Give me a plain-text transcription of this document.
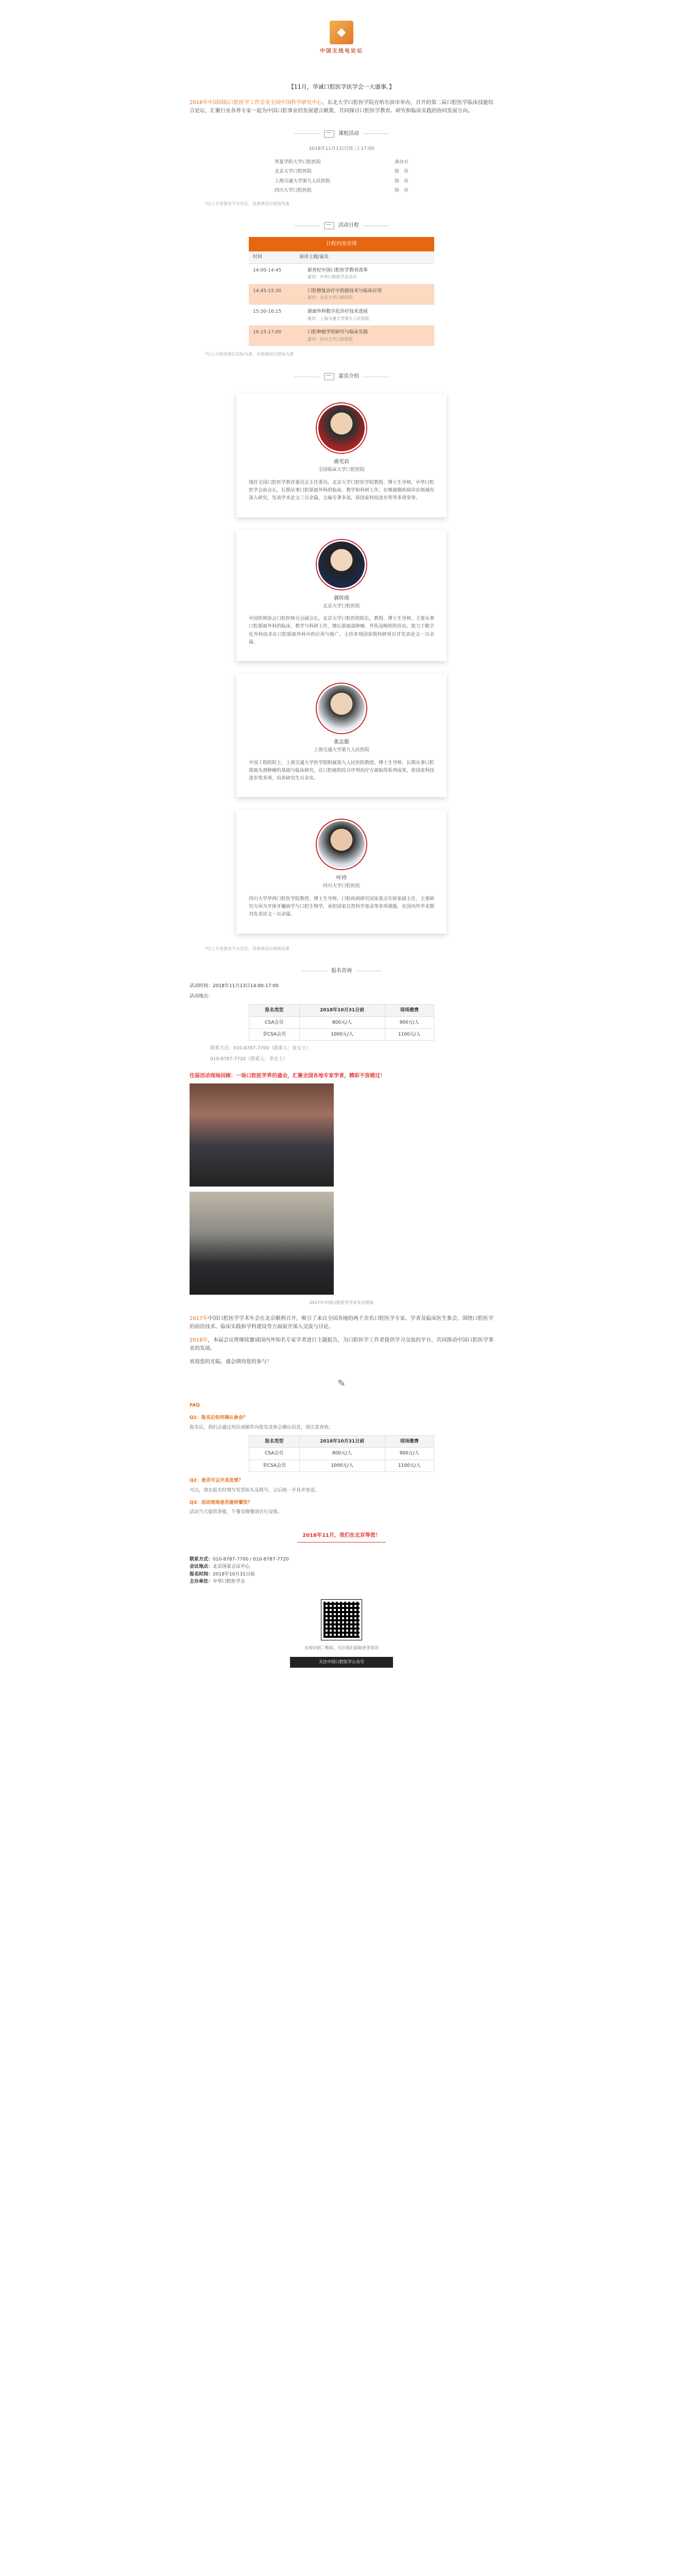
◆
中国无线电论坛
【11月，华诚口腔医学医学会一大盛事。】

2018年中国国际口腔医学工作会及全国中国科学研究中心，东北大学口腔医学院在哈尔滨市举办，召开的第二届口腔医学临床技能综合论坛，汇聚行业各界专家一起为中国口腔事业的发展建言献策，共同探讨口腔医学教育、研究和临床实践的协同发展方向。

课程活动
2018年11月13日(周二) 17:00
华夏学院大学口腔医院	承办方
北京大学口腔医院	协　办
上海交通大学第九人民医院	协　办
四川大学口腔医院	协　办
*以上专家排名不分先后，具体情况以现场为准
活动日程
日程内容安排
时间	演讲主题/嘉宾
14:00-14:45	新世纪中国口腔医学教育改革
嘉宾：中华口腔医学会会长
14:45-15:30	口腔修复治疗中的新技术与临床应用
嘉宾：北京大学口腔医院
15:30-16:15	颌面外科数字化诊疗技术进展
嘉宾：上海交通大学第九人民医院
16:15-17:00	口腔种植学的研究与临床实践
嘉宾：四川大学口腔医院
*以上日程安排以实际为准，具体情况以现场为准
嘉宾介绍
俞光岩
全国临床大学口腔医院
现任全国口腔医学教育委员会主任委员，北京大学口腔医学院教授、博士生导师，中华口腔医学会前会长，长期从事口腔颌面外科的临床、教学和科研工作，在唾液腺疾病诊治领域有深入研究，发表学术论文三百余篇，主编专著多部，获国家科技进步奖等多项荣誉。
郭传瑸
北京大学口腔医院
中国医师协会口腔医师分会副会长，北京大学口腔医院院长，教授、博士生导师。主要从事口腔颌面外科的临床、教学与科研工作，擅长颌面部肿瘤、外伤及畸形的诊治，致力于数字化外科技术在口腔颌面外科中的应用与推广，主持多项国家级科研项目并发表论文一百余篇。
张志愿
上海交通大学第九人民医院
中国工程院院士，上海交通大学医学院附属第九人民医院教授、博士生导师，长期从事口腔颌面头颈肿瘤的基础与临床研究，在口腔癌的综合序列治疗方面取得系列成果，获国家科技进步奖多项，培养研究生百余名。
叶玲
四川大学口腔医院
四川大学华西口腔医学院教授、博士生导师，口腔疾病研究国家重点实验室副主任，主要研究方向为牙体牙髓病学与口腔生物学，承担国家自然科学基金等多项课题，在国内外学术期刊发表论文一百余篇。
*以上专家排名不分先后，具体情况以现场为准
报名咨询
活动时间：2018年11月13日14:00-17:00
活动地点：
报名类型	2018年10月31日前	现场缴费
CSA会员	800元/人	900元/人
非CSA会员	1000元/人	1100元/人
联系方式：010-8787-7700（联系人：张女士）
010-8787-7720（联系人：李女士）
往届活动现场回顾：一场口腔医学界的盛会，汇聚全国各地专家学者，精彩不容错过！
2017年中国口腔医学学术年会现场

2017年中国口腔医学学术年会在北京顺利召开，吸引了来自全国各地的两千余名口腔医学专家、学者及临床医生参会，围绕口腔医学的前沿技术、临床实践和学科建设等方面展开深入交流与讨论。

2018年，本届会议将继续邀请国内外知名专家学者进行主题报告，为口腔医学工作者提供学习交流的平台，共同推动中国口腔医学事业的发展。

欢迎您的光临，盛会期待您的参与！

✎
FAQ
Q1：报名后如何确认参会？
报名后，我们会通过短信或邮件向您发送参会确认信息，请注意查收。
报名类型	2018年10月31日前	现场缴费
CSA会员	800元/人	900元/人
非CSA会员	1000元/人	1100元/人
Q2：是否可以开具发票？
可以，请在报名时填写发票抬头及税号，会后统一开具并寄送。
Q3：活动现场是否提供餐饮？
活动当天提供茶歇，午餐及晚餐请自行安排。
2018年11月，我们在北京等您！
联系方式：010-8787-7700 / 010-8787-7720
会议地点：北京国家会议中心
报名时间：2018年10月31日前
主办单位：中华口腔医学会
长按识别二维码，关注我们获取更多资讯
关注中国口腔医学公众号
